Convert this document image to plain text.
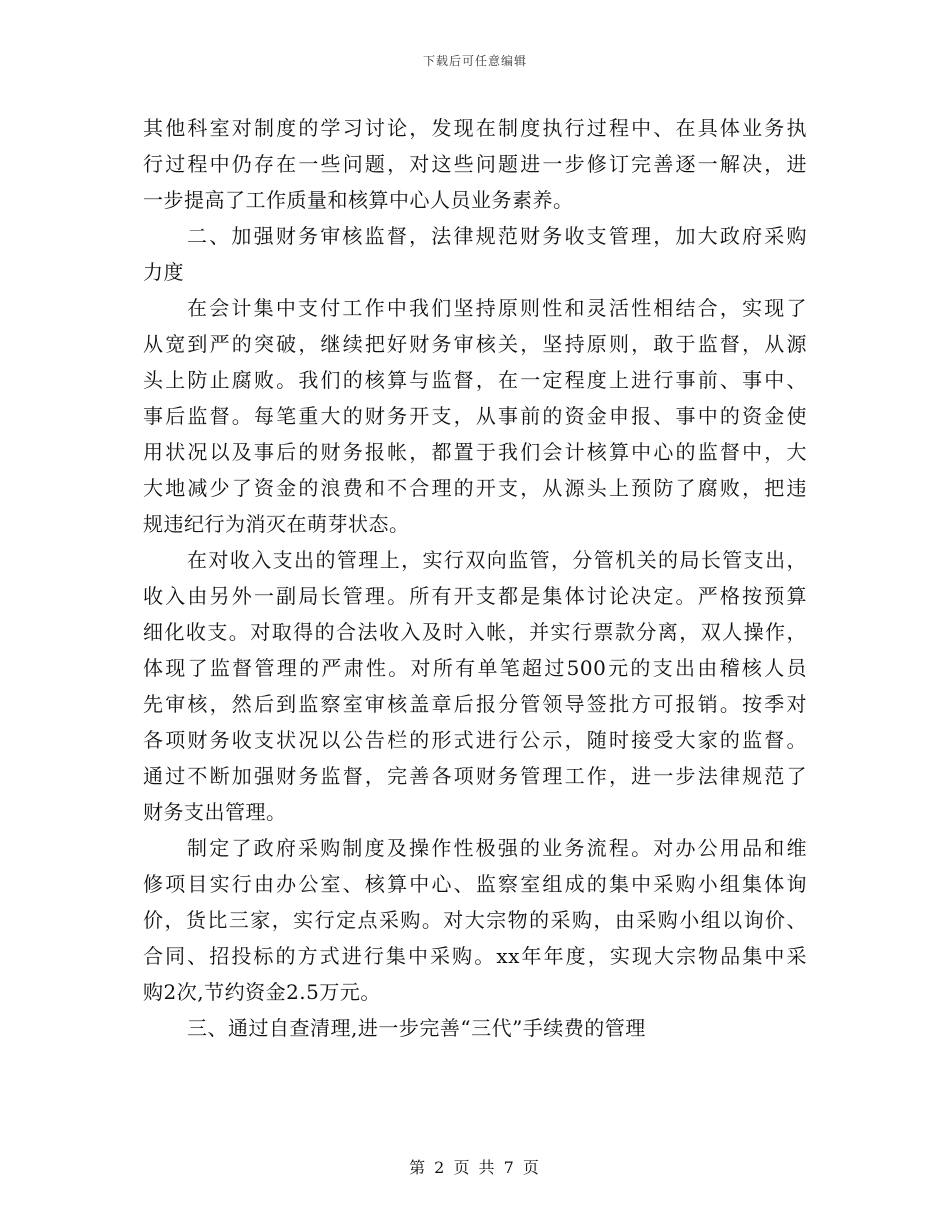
下载后可任意编辑
其他科室对制度的学习讨论，发现在制度执行过程中、在具体业务执
行过程中仍存在一些问题，对这些问题进一步修订完善逐一解决，进
一步提高了工作质量和核算中心人员业务素养。
二、加强财务审核监督，法律规范财务收支管理，加大政府采购
力度
在会计集中支付工作中我们坚持原则性和灵活性相结合，实现了
从宽到严的突破，继续把好财务审核关，坚持原则，敢于监督，从源
头上防止腐败。我们的核算与监督，在一定程度上进行事前、事中、
事后监督。每笔重大的财务开支，从事前的资金申报、事中的资金使
用状况以及事后的财务报帐，都置于我们会计核算中心的监督中，大
大地减少了资金的浪费和不合理的开支，从源头上预防了腐败，把违
规违纪行为消灭在萌芽状态。
在对收入支出的管理上，实行双向监管，分管机关的局长管支出，
收入由另外一副局长管理。所有开支都是集体讨论决定。严格按预算
细化收支。对取得的合法收入及时入帐，并实行票款分离，双人操作，
体现了监督管理的严肃性。对所有单笔超过500元的支出由稽核人员
先审核，然后到监察室审核盖章后报分管领导签批方可报销。按季对
各项财务收支状况以公告栏的形式进行公示，随时接受大家的监督。
通过不断加强财务监督，完善各项财务管理工作，进一步法律规范了
财务支出管理。
制定了政府采购制度及操作性极强的业务流程。对办公用品和维
修项目实行由办公室、核算中心、监察室组成的集中采购小组集体询
价，货比三家，实行定点采购。对大宗物的采购，由采购小组以询价、
合同、招投标的方式进行集中采购。xx年年度，实现大宗物品集中采
购2次,节约资金2.5万元。
三、通过自查清理,进一步完善“三代”手续费的管理
第 2 页 共 7 页
